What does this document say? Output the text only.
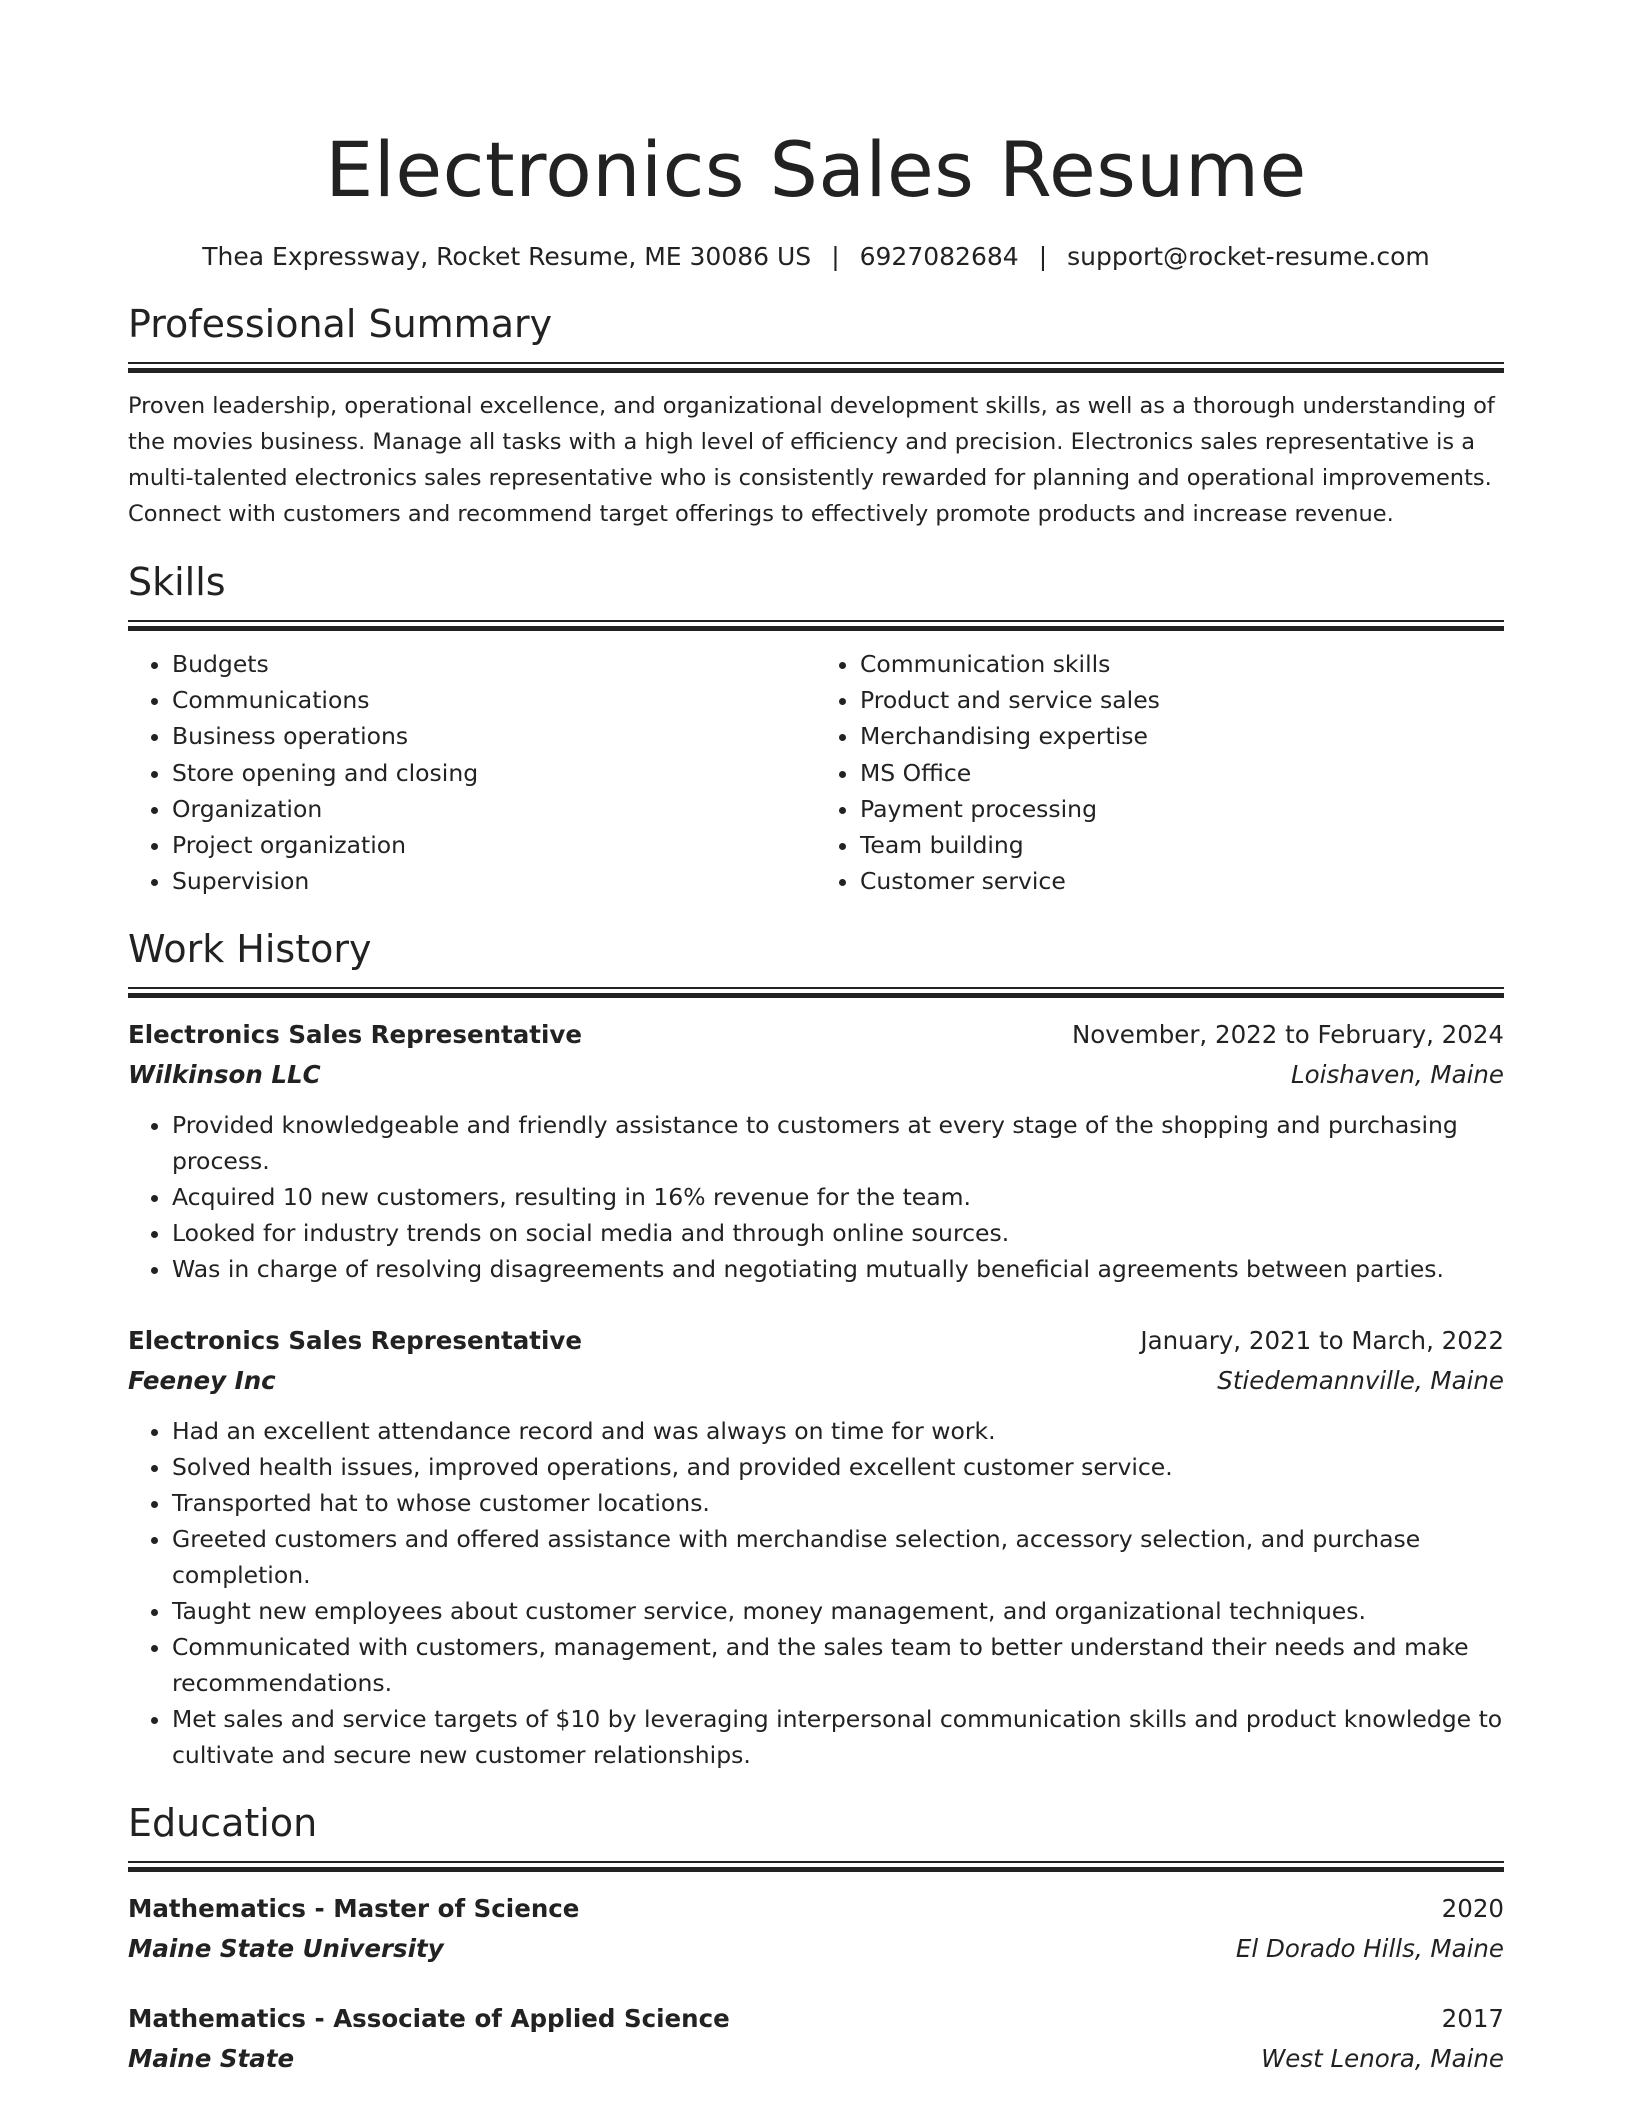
Electronics Sales Resume
Thea Expressway, Rocket Resume, ME 30086 US | 6927082684 | support@rocket-resume.com
Professional Summary

Proven leadership, operational excellence, and organizational development skills, as well as a thorough understanding of the movies business. Manage all tasks with a high level of efficiency and precision. Electronics sales representative is a multi-talented electronics sales representative who is consistently rewarded for planning and operational improvements. Connect with customers and recommend target offerings to effectively promote products and increase revenue.

Skills
• Budgets
• Communications
• Business operations
• Store opening and closing
• Organization
• Project organization
• Supervision
• Communication skills
• Product and service sales
• Merchandising expertise
• MS Office
• Payment processing
• Team building
• Customer service
Work History
Electronics Sales Representative	November, 2022 to February, 2024
Wilkinson LLC	Loishaven, Maine
• Provided knowledgeable and friendly assistance to customers at every stage of the shopping and purchasing process.
• Acquired 10 new customers, resulting in 16% revenue for the team.
• Looked for industry trends on social media and through online sources.
• Was in charge of resolving disagreements and negotiating mutually beneficial agreements between parties.
Electronics Sales Representative	January, 2021 to March, 2022
Feeney Inc	Stiedemannville, Maine
• Had an excellent attendance record and was always on time for work.
• Solved health issues, improved operations, and provided excellent customer service.
• Transported hat to whose customer locations.
• Greeted customers and offered assistance with merchandise selection, accessory selection, and purchase completion.
• Taught new employees about customer service, money management, and organizational techniques.
• Communicated with customers, management, and the sales team to better understand their needs and make recommendations.
• Met sales and service targets of $10 by leveraging interpersonal communication skills and product knowledge to cultivate and secure new customer relationships.
Education
Mathematics - Master of Science	2020
Maine State University	El Dorado Hills, Maine
Mathematics - Associate of Applied Science	2017
Maine State	West Lenora, Maine
